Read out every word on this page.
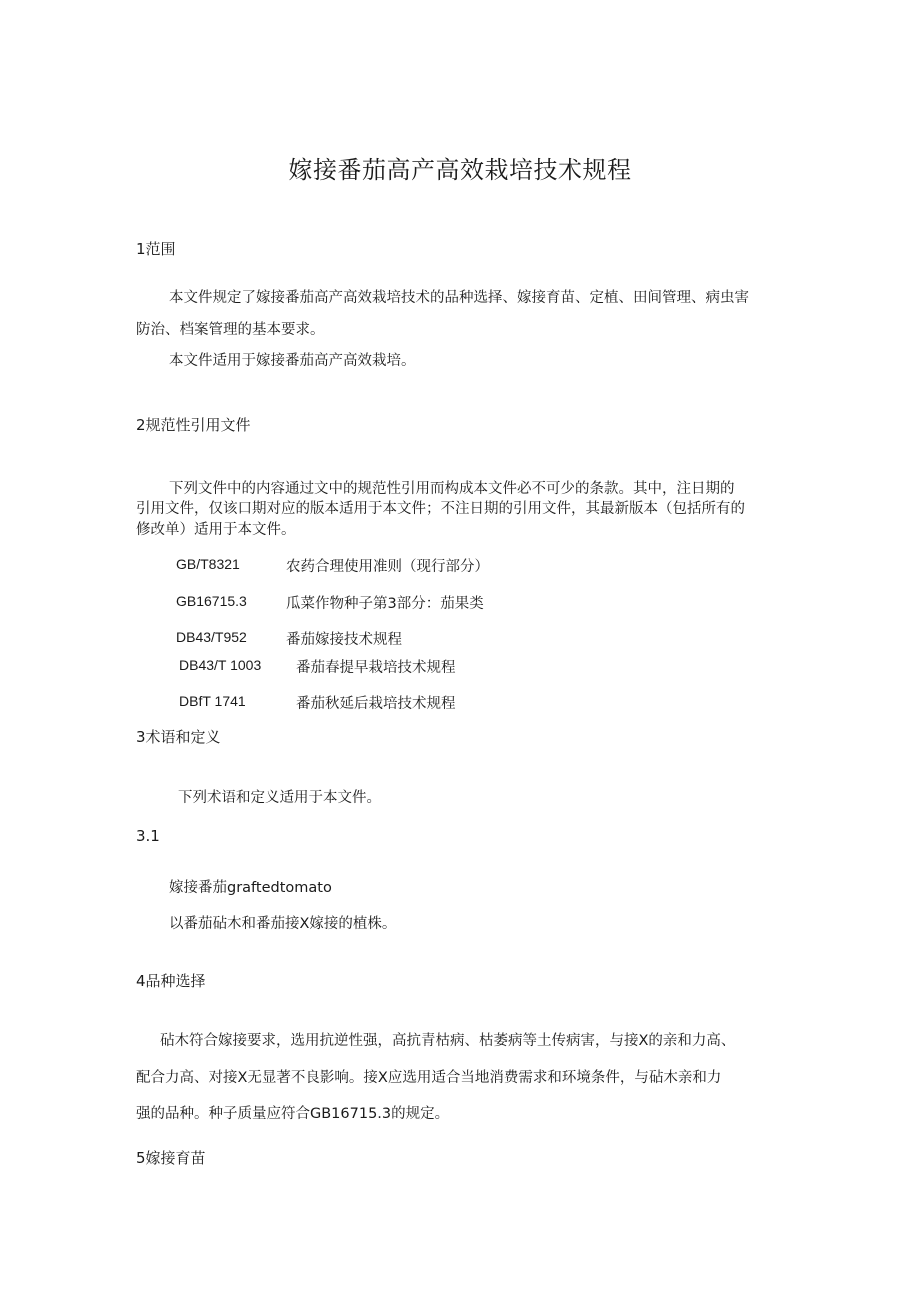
嫁接番茄高产高效栽培技术规程
1范围
本文件规定了嫁接番茄高产高效栽培技术的品种选择、嫁接育苗、定植、田间管理、病虫害
防治、档案管理的基本要求。
本文件适用于嫁接番茄高产高效栽培。
2规范性引用文件
下列文件中的内容通过文中的规范性引用而构成本文件必不可少的条款。其中，注日期的
引用文件，仅该口期对应的版本适用于本文件；不注日期的引用文件，其最新版本（包括所有的
修改单）适用于本文件。
GB/T8321	农药合理使用准则（现行部分）
GB16715.3	瓜菜作物种子第3部分：茄果类
DB43/T952	番茄嫁接技术规程
DB43/T 1003 番茄春提早栽培技术规程
DBfT 1741	番茄秋延后栽培技术规程
3术语和定义
下列术语和定义适用于本文件。
3.1
嫁接番茄graftedtomato
以番茄砧木和番茄接X嫁接的植株。
4品种选择
砧木符合嫁接要求，选用抗逆性强，高抗青枯病、枯萎病等土传病害，与接X的亲和力高、
配合力高、对接X无显著不良影响。接X应选用适合当地消费需求和环境条件，与砧木亲和力
强的品种。种子质量应符合GB16715.3的规定。
5嫁接育苗
